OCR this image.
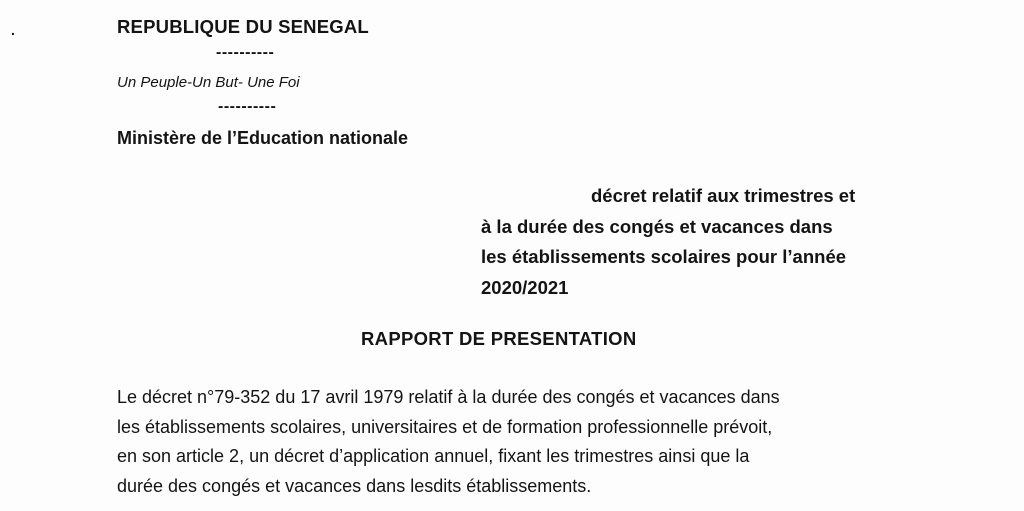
.	REPUBLIQUE DU SENEGAL
----------
Un Peuple-Un But- Une Foi
----------
Ministère de l’Education nationale
décret relatif aux trimestres et
à la durée des congés et vacances dans
les établissements scolaires pour l’année
2020/2021
RAPPORT DE PRESENTATION
Le décret n°79-352 du 17 avril 1979 relatif à la durée des congés et vacances dans
les établissements scolaires, universitaires et de formation professionnelle prévoit,
en son article 2, un décret d’application annuel, fixant les trimestres ainsi que la
durée des congés et vacances dans lesdits établissements.
